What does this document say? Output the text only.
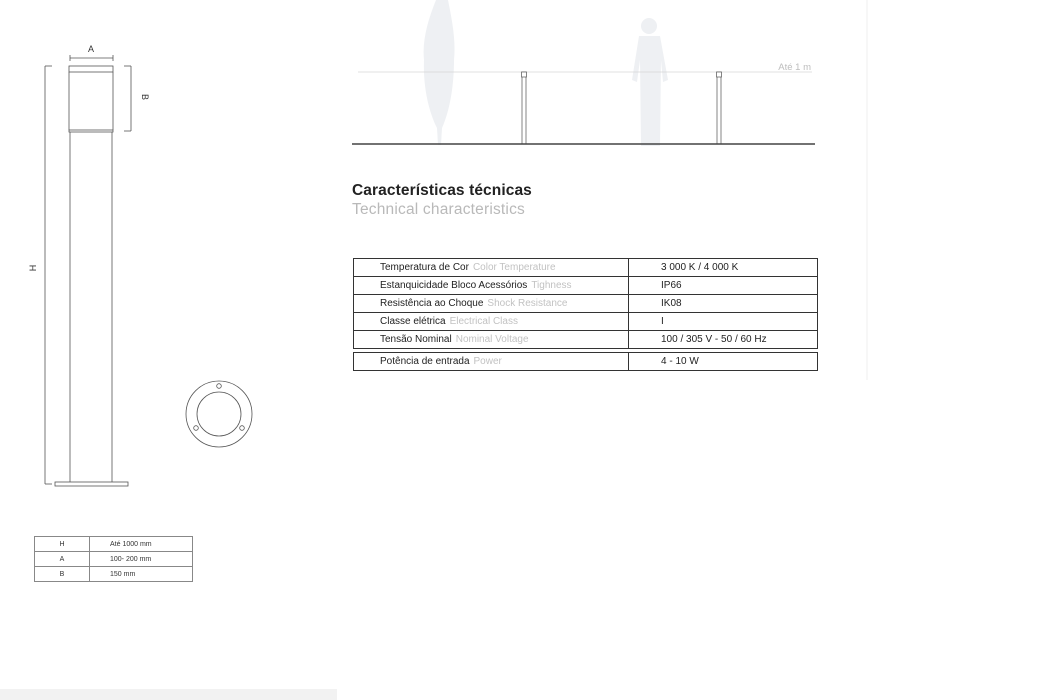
A
B
H
H	Até 1000 mm
A	100- 200 mm
B	150 mm
Até 1 m
Características técnicas
Technical characteristics
Temperatura de Cor Color Temperature	3 000 K / 4 000 K
Estanquicidade Bloco Acessórios Tighness	IP66
Resistência ao Choque Shock Resistance	IK08
Classe elétrica Electrical Class	I
Tensão Nominal Nominal Voltage	100 / 305 V - 50 / 60 Hz

Potência de entrada Power	4 - 10 W
